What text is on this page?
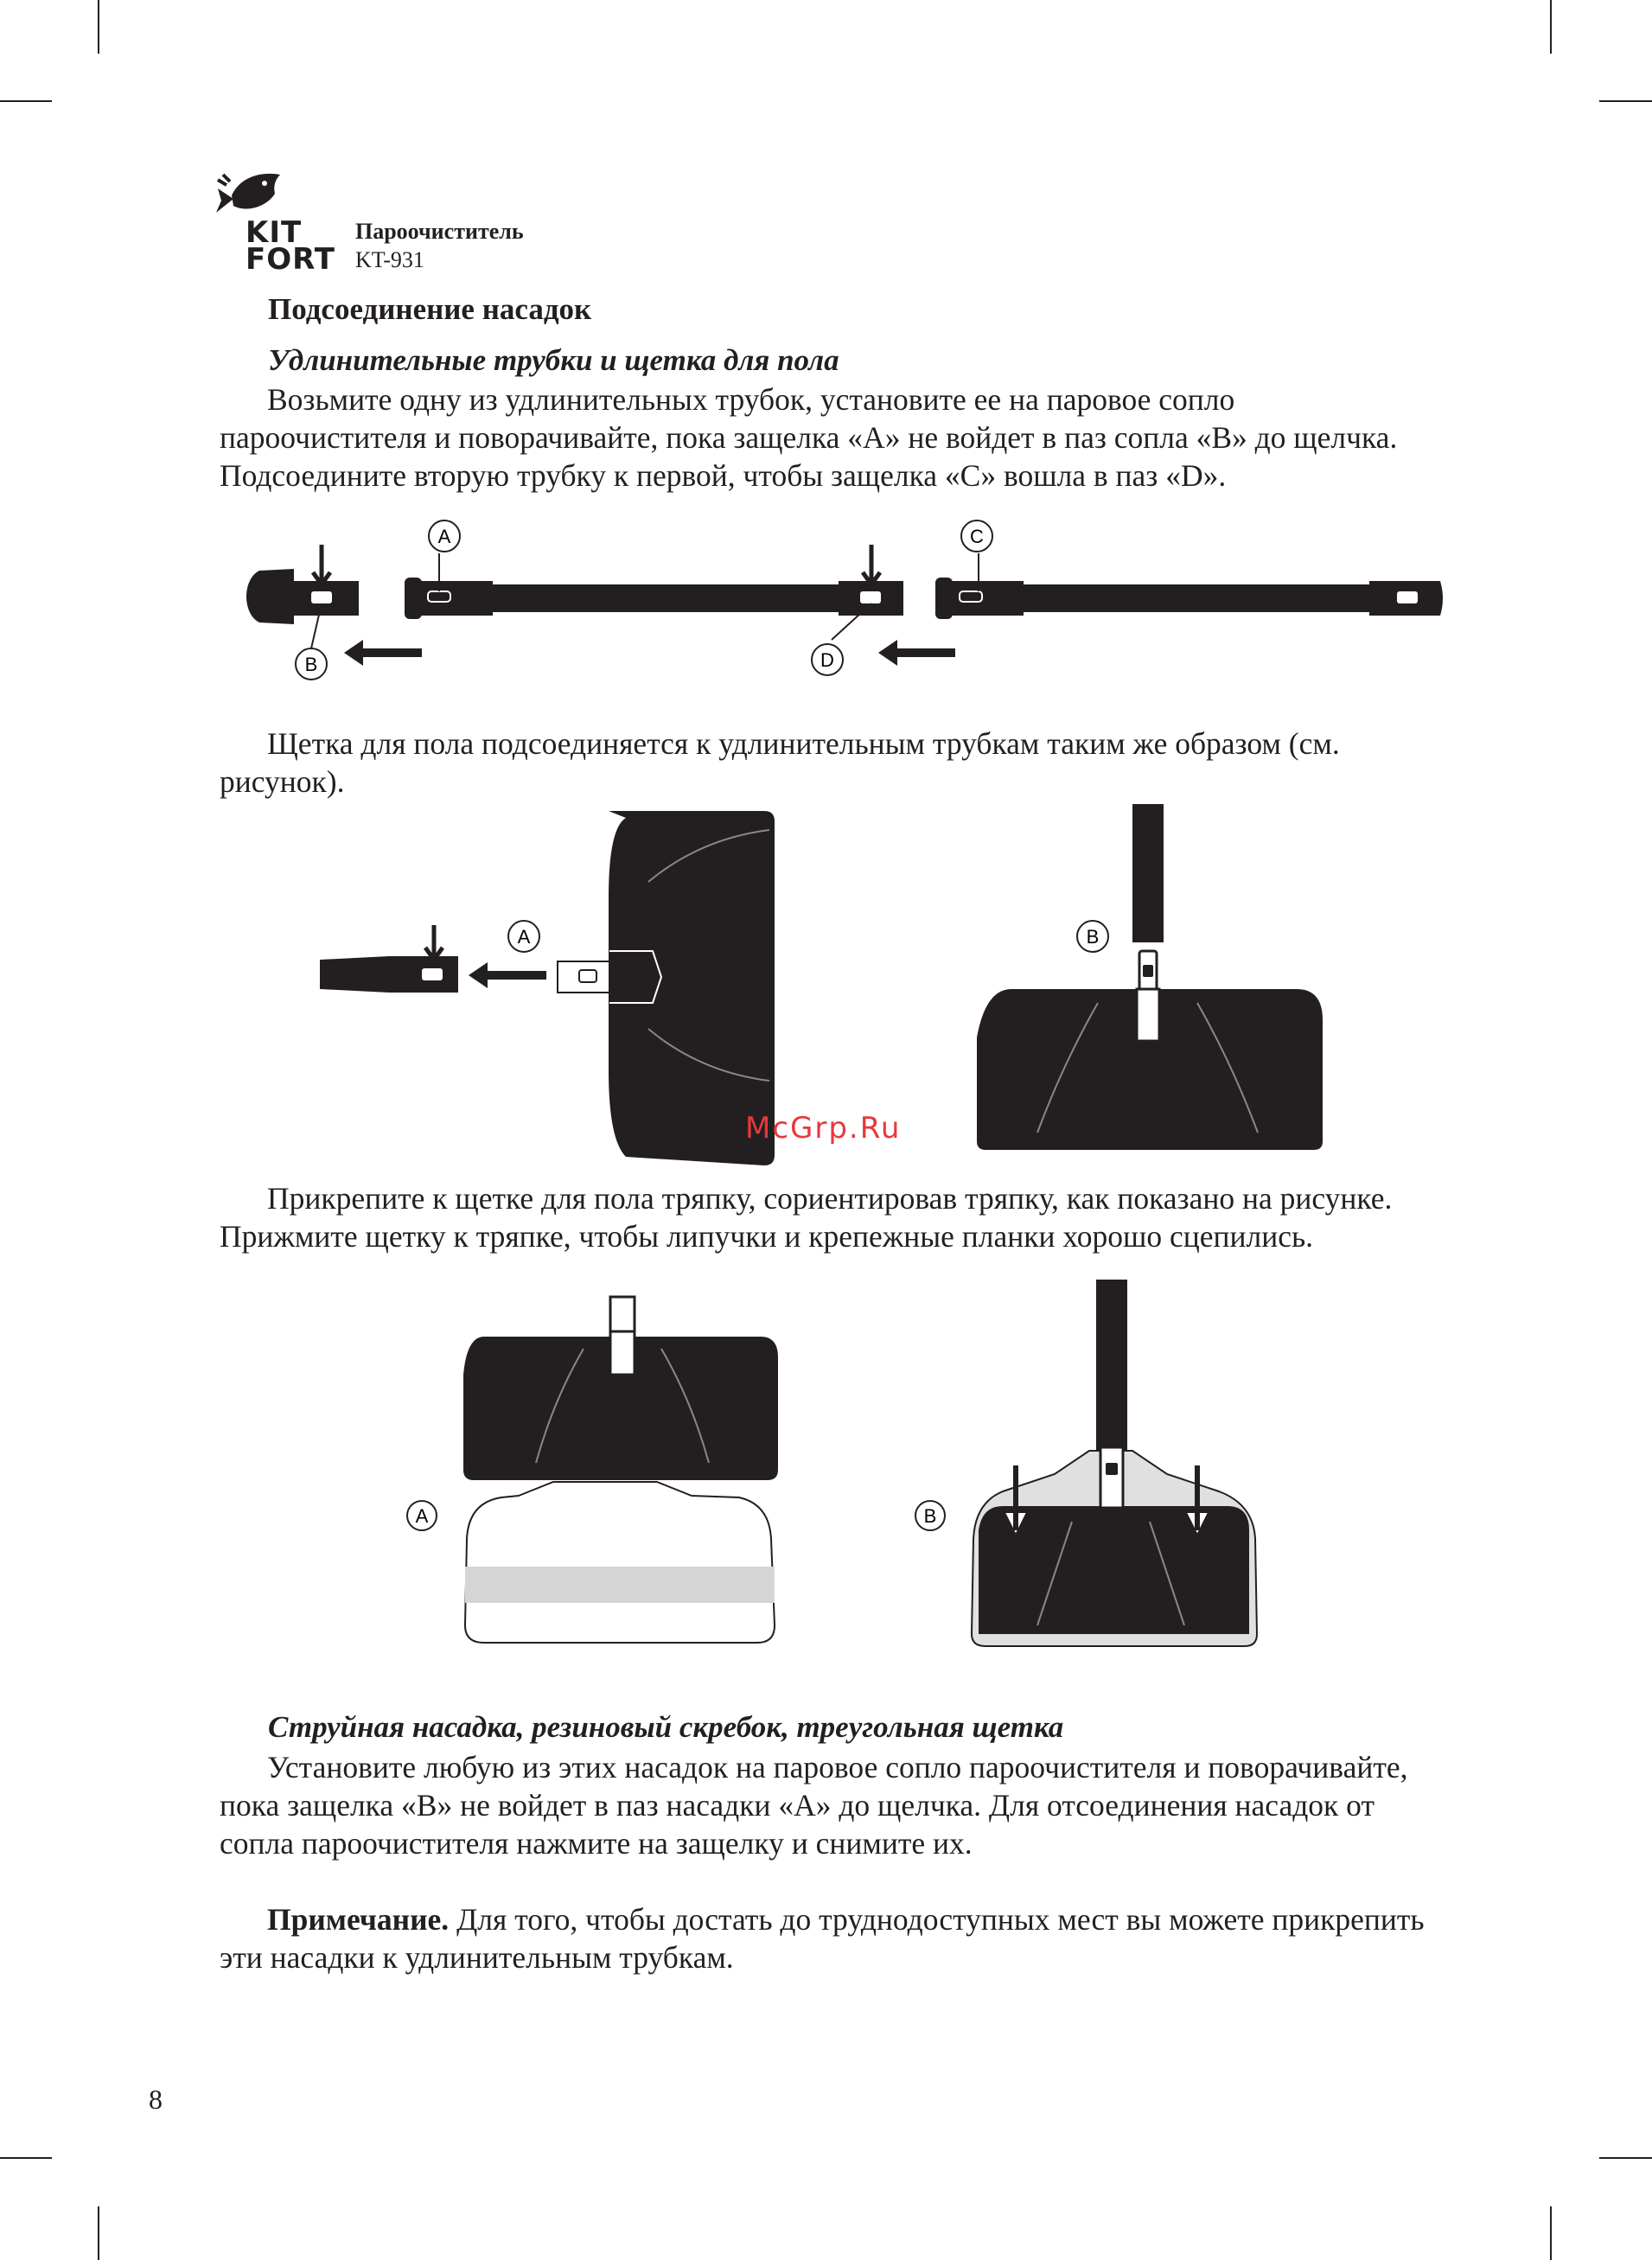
KIT
FORT
Пароочиститель
KT-931
Подсоединение насадок
Удлинительные трубки и щетка для пола

Возьмите одну из удлинительных трубок, установите ее на паровое сопло пароочистителя и поворачивайте, пока защелка «A» не войдет в паз сопла «B» до щелчка. Подсоедините вторую трубку к первой, чтобы защелка «C» вошла в паз «D».

B
A
D
C

Щетка для пола подсоединяется к удлинительным трубкам таким же образом (см. рисунок).

A	B
McGrp.Ru

Прикрепите к щетке для пола тряпку, сориентировав тряпку, как показано на рисунке. Прижмите щетку к тряпке, чтобы липучки и крепежные планки хорошо сцепились.

A	B
Струйная насадка, резиновый скребок, треугольная щетка

Установите любую из этих насадок на паровое сопло пароочистителя и поворачивайте, пока защелка «B» не войдет в паз насадки «A» до щелчка. Для отсоединения насадок от сопла пароочистителя нажмите на защелку и снимите их.

Примечание. Для того, чтобы достать до труднодоступных мест вы можете прикрепить эти насадки к удлинительным трубкам.

8
